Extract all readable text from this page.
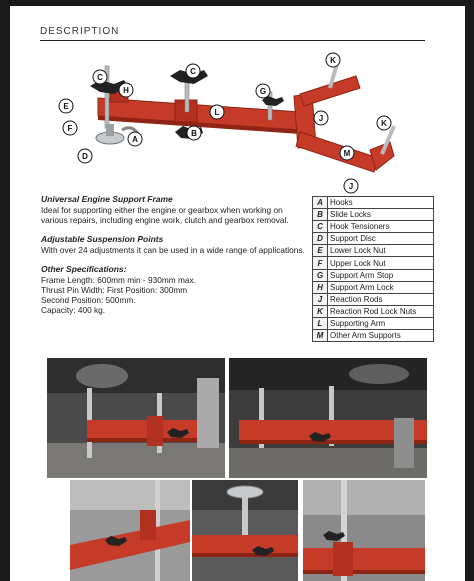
DESCRIPTION
C
H
E
F
D
A
C
B
G
L
J
K
K
M
J
Universal Engine Support Frame

Ideal for supporting either the engine or gearbox when working on various repairs, including engine work, clutch and gearbox removal.

Adjustable Suspension Points

With over 24 adjustments it can be used in a wide range of applications.

Other Specifications:

Frame Length: 600mm min - 930mm max.

Thrust Pin Width: First Position: 300mm

Second Position: 500mm.

Capacity: 400 kg.

A	Hooks
B	Slide Locks
C	Hook Tensioners
D	Support Disc
E	Lower Lock Nut
F	Upper Lock Nut
G	Support Arm Stop
H	Support Arm Lock
J	Reaction Rods
K	Reaction Rod Lock Nuts
L	Supporting Arm
M	Other Arm Supports
